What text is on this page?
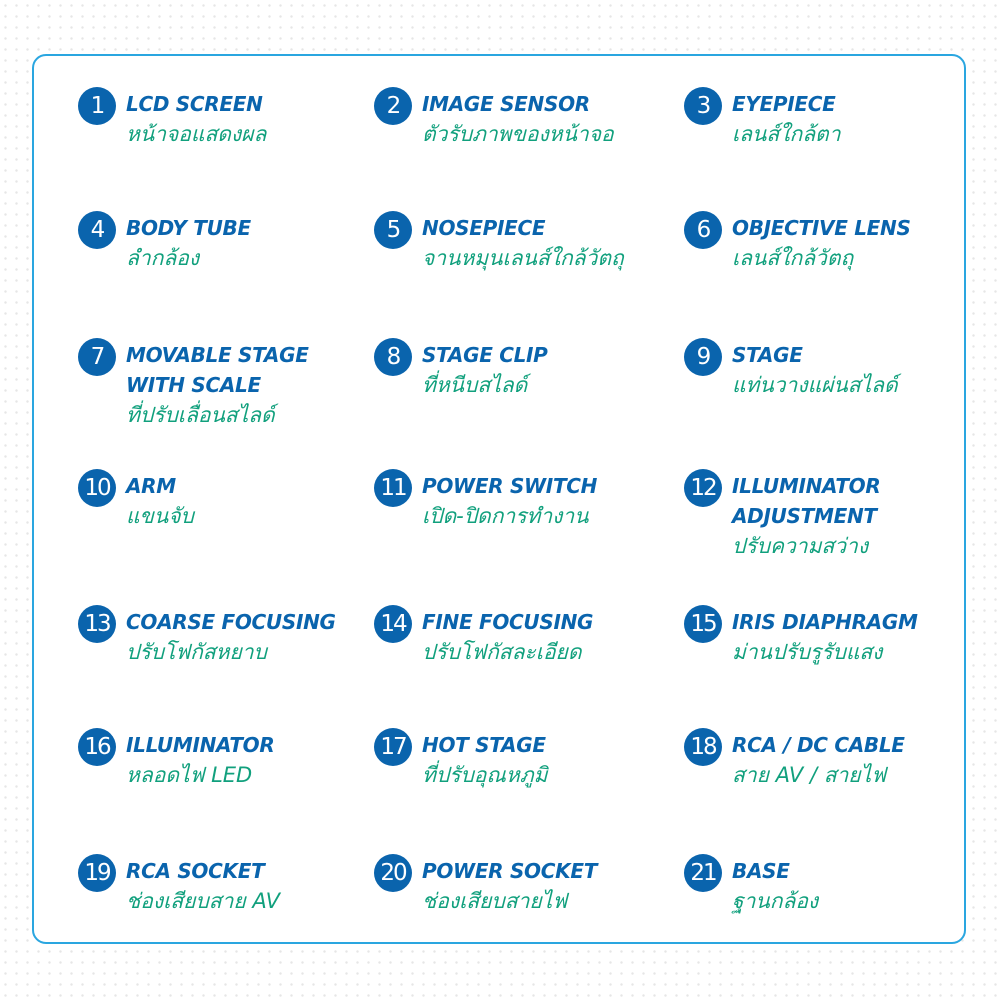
1	LCD SCREEN
หน้าจอแสดงผล
2	IMAGE SENSOR
ตัวรับภาพของหน้าจอ
3	EYEPIECE
เลนส์ใกล้ตา
4	BODY TUBE
ลำกล้อง
5	NOSEPIECE
จานหมุนเลนส์ใกล้วัตถุ
6	OBJECTIVE LENS
เลนส์ใกล้วัตถุ
7	MOVABLE STAGE
WITH SCALE
ที่ปรับเลื่อนสไลด์
8	STAGE CLIP
ที่หนีบสไลด์
9	STAGE
แท่นวางแผ่นสไลด์
10 ARM
แขนจับ
11 POWER SWITCH
เปิด-ปิดการทำงาน
12 ILLUMINATOR
ADJUSTMENT
ปรับความสว่าง
13 COARSE FOCUSING
ปรับโฟกัสหยาบ
14 FINE FOCUSING
ปรับโฟกัสละเอียด
15 IRIS DIAPHRAGM
ม่านปรับรูรับแสง
16 ILLUMINATOR
หลอดไฟ LED
17 HOT STAGE
ที่ปรับอุณหภูมิ
18 RCA / DC CABLE
สาย AV / สายไฟ
19 RCA SOCKET
ช่องเสียบสาย AV
20 POWER SOCKET
ช่องเสียบสายไฟ
21 BASE
ฐานกล้อง
